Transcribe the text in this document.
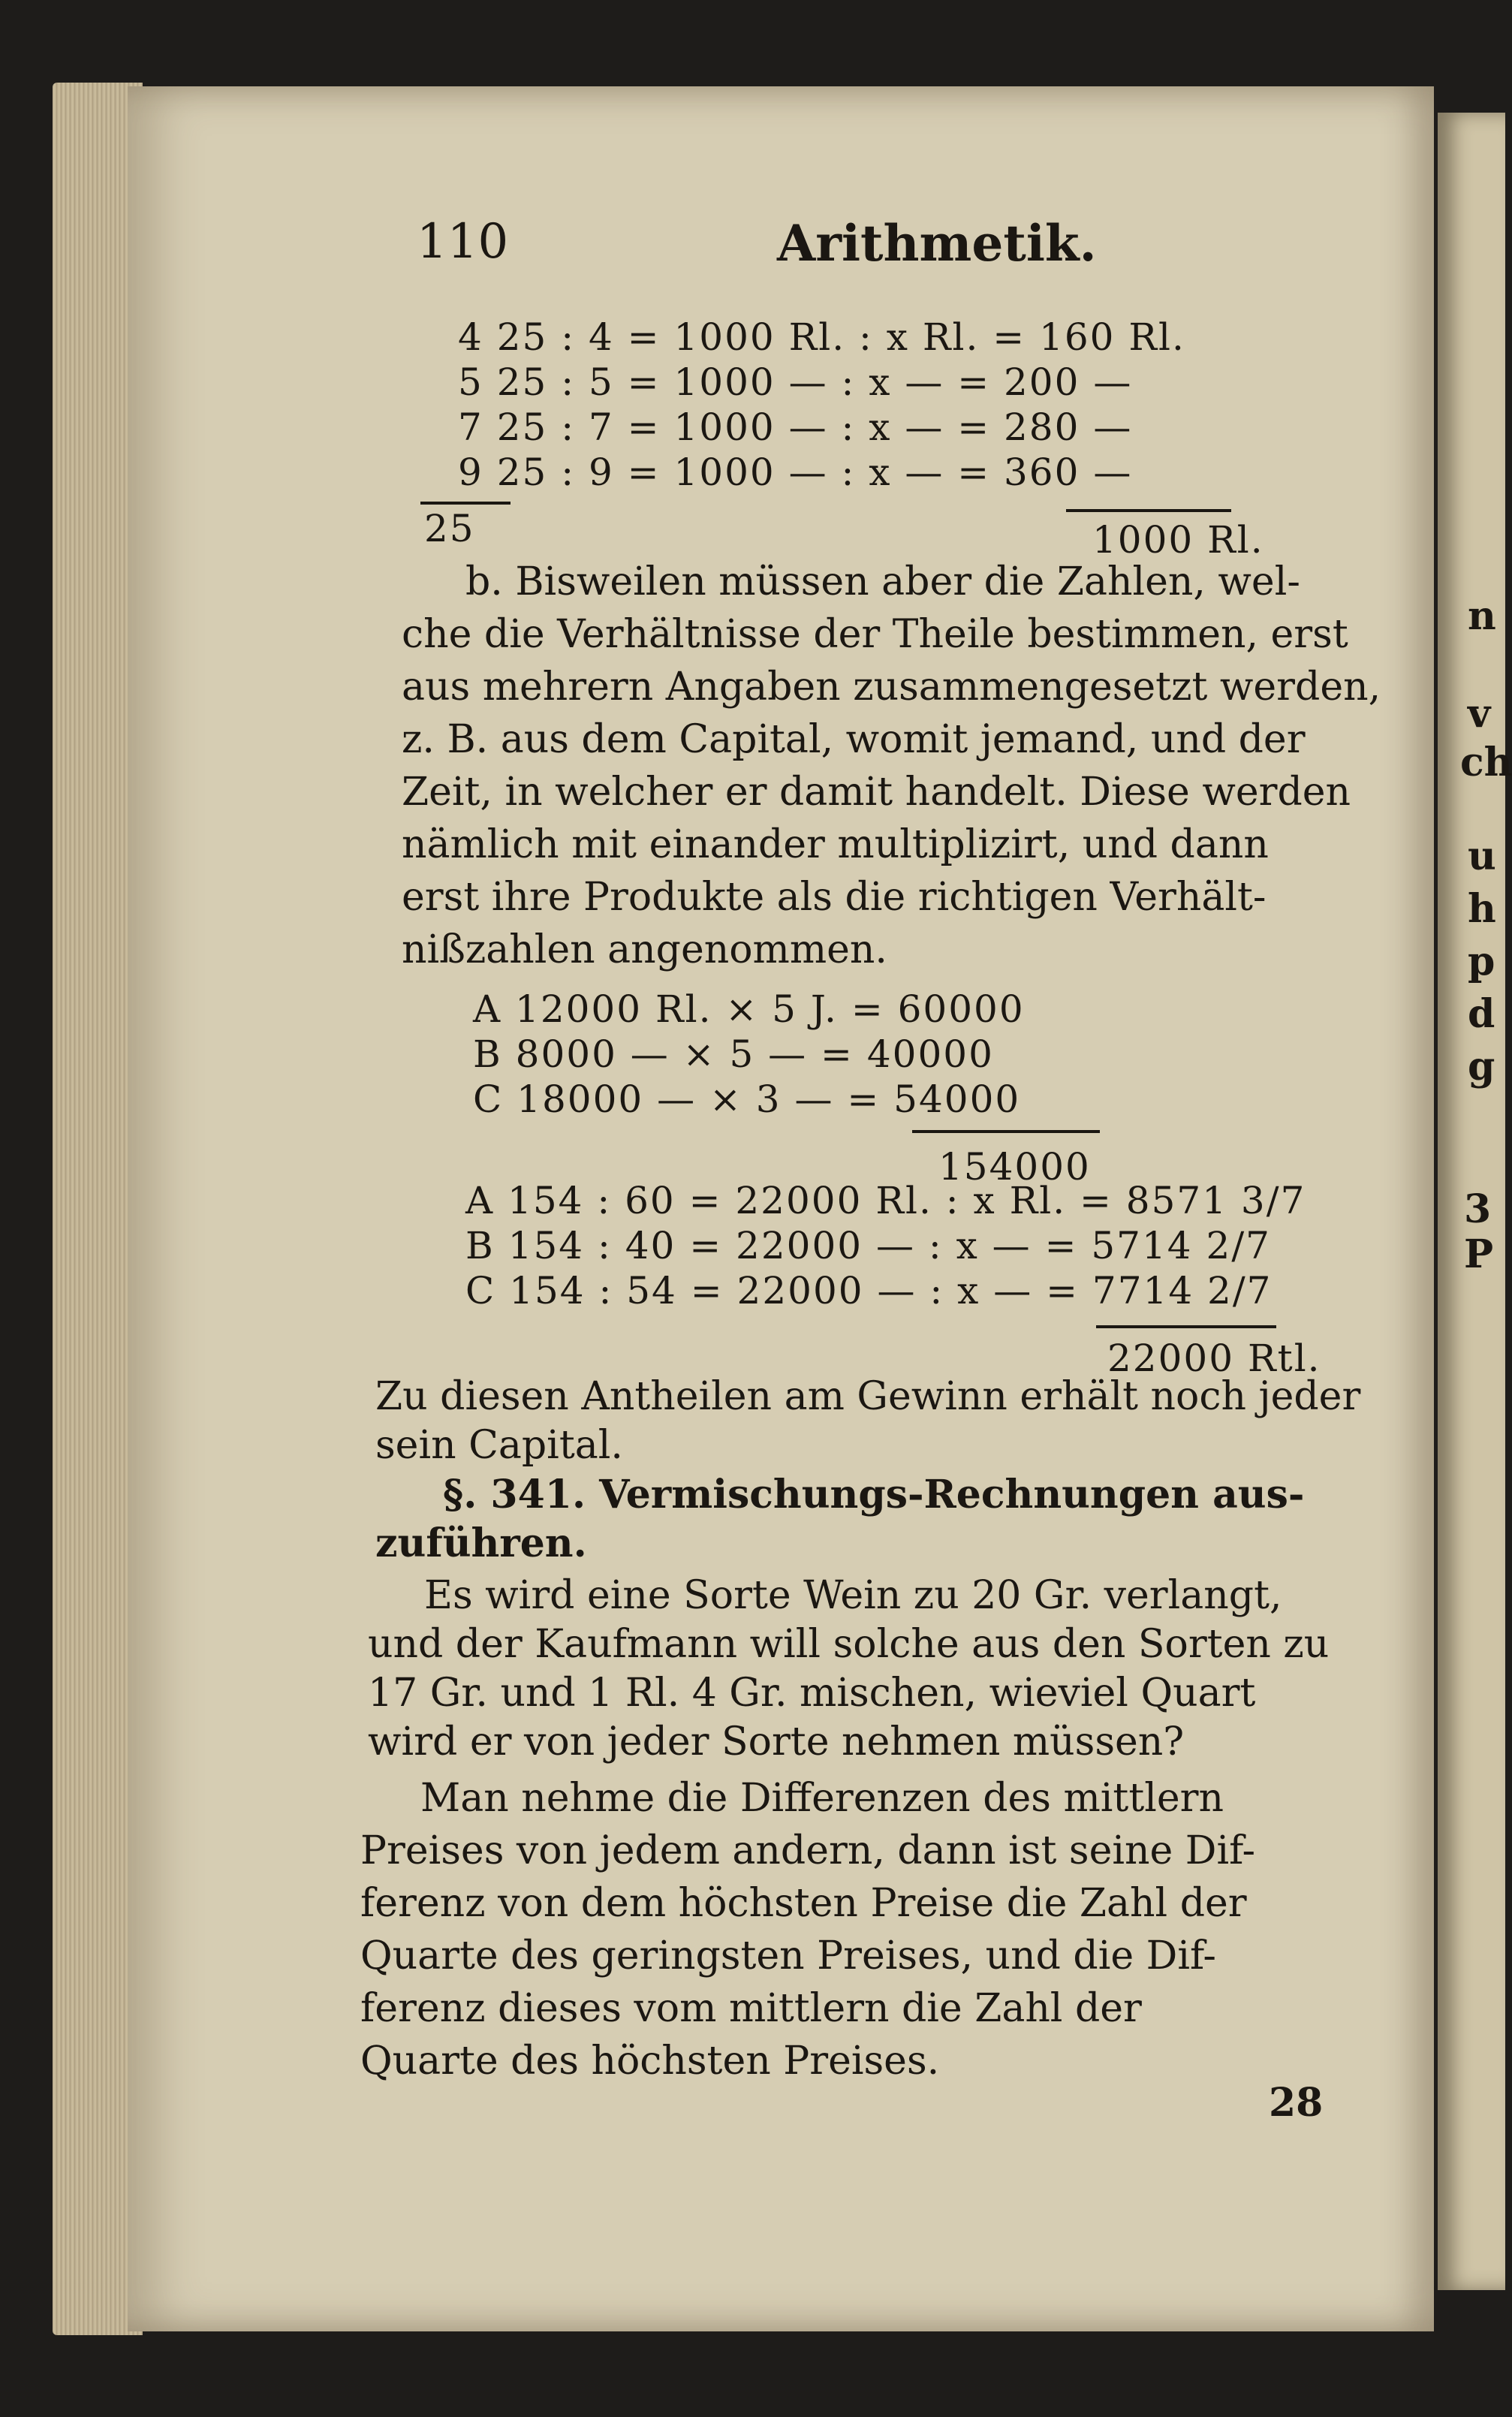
110	Arithmetik.
4 25 : 4 = 1000 Rl. : x Rl. = 160 Rl.
5 25 : 5 = 1000 — : x — = 200 —
7 25 : 7 = 1000 — : x — = 280 —
9 25 : 9 = 1000 — : x — = 360 —
25	1000 Rl.
b. Bisweilen müssen aber die Zahlen, wel-
che die Verhältnisse der Theile bestimmen, erst
aus mehrern Angaben zusammengesetzt werden,
z. B. aus dem Capital, womit jemand, und der
Zeit, in welcher er damit handelt. Diese werden
nämlich mit einander multiplizirt, und dann
erst ihre Produkte als die richtigen Verhält-
nißzahlen angenommen.
A 12000 Rl. × 5 J. = 60000
B 8000 — × 5 — = 40000
C 18000 — × 3 — = 54000
154000
A 154 : 60 = 22000 Rl. : x Rl. = 8571 3/7
B 154 : 40 = 22000 — : x — = 5714 2/7
C 154 : 54 = 22000 — : x — = 7714 2/7
22000 Rtl.
Zu diesen Antheilen am Gewinn erhält noch jeder
sein Capital.
§. 341. Vermischungs-Rechnungen aus-
zuführen.
Es wird eine Sorte Wein zu 20 Gr. verlangt,
und der Kaufmann will solche aus den Sorten zu
17 Gr. und 1 Rl. 4 Gr. mischen, wieviel Quart
wird er von jeder Sorte nehmen müssen?
Man nehme die Differenzen des mittlern
Preises von jedem andern, dann ist seine Dif-
ferenz von dem höchsten Preise die Zahl der
Quarte des geringsten Preises, und die Dif-
ferenz dieses vom mittlern die Zahl der
Quarte des höchsten Preises.
28
n
v
ch
u
h
p
d
g
3
P
